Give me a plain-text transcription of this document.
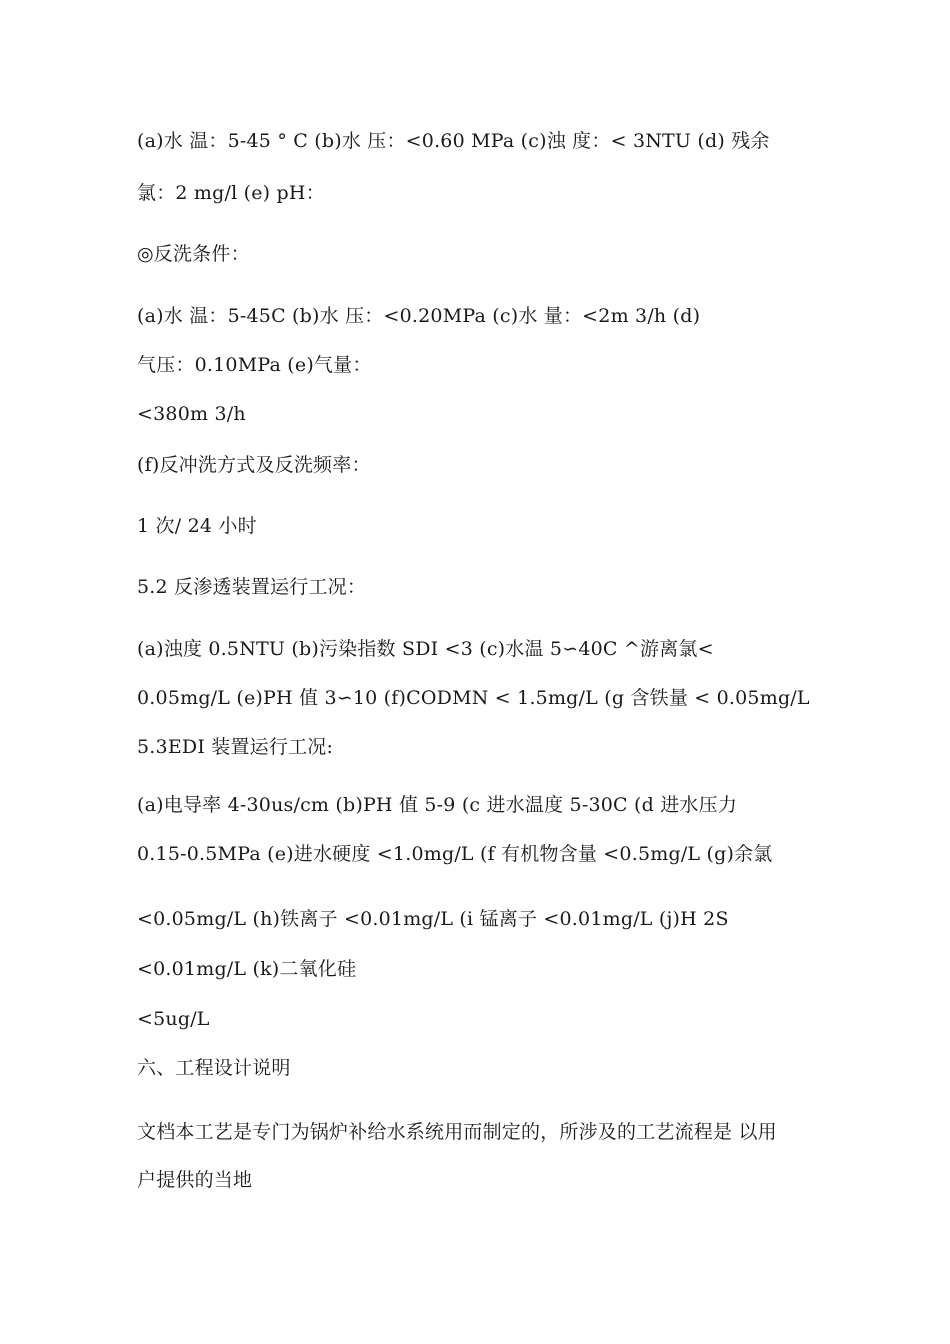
(a)水 温：5-45 ° C (b)水 压：<0.60 MPa (c)浊 度：< 3NTU (d) 残余
氯：2 mg/l (e) pH：
◎反洗条件：
(a)水 温：5-45C (b)水 压：<0.20MPa (c)水 量：<2m 3/h (d)
气压：0.10MPa (e)气量：
<380m 3/h
(f)反冲洗方式及反洗频率：
1 次/ 24 小时
5.2 反渗透装置运行工况：
(a)浊度 0.5NTU (b)污染指数 SDI <3 (c)水温 5∽40C ^游离氯<
0.05mg/L (e)PH 值 3∽10 (f)CODMN < 1.5mg/L (g 含铁量 < 0.05mg/L
5.3EDI 装置运行工况:
(a)电导率 4-30us/cm (b)PH 值 5-9 (c 进水温度 5-30C (d 进水压力
0.15-0.5MPa (e)进水硬度 <1.0mg/L (f 有机物含量 <0.5mg/L (g)余氯
<0.05mg/L (h)铁离子 <0.01mg/L (i 锰离子 <0.01mg/L (j)H 2S
<0.01mg/L (k)二氧化硅
<5ug/L
六、工程设计说明
文档本工艺是专门为锅炉补给水系统用而制定的，所涉及的工艺流程是 以用
户提供的当地
